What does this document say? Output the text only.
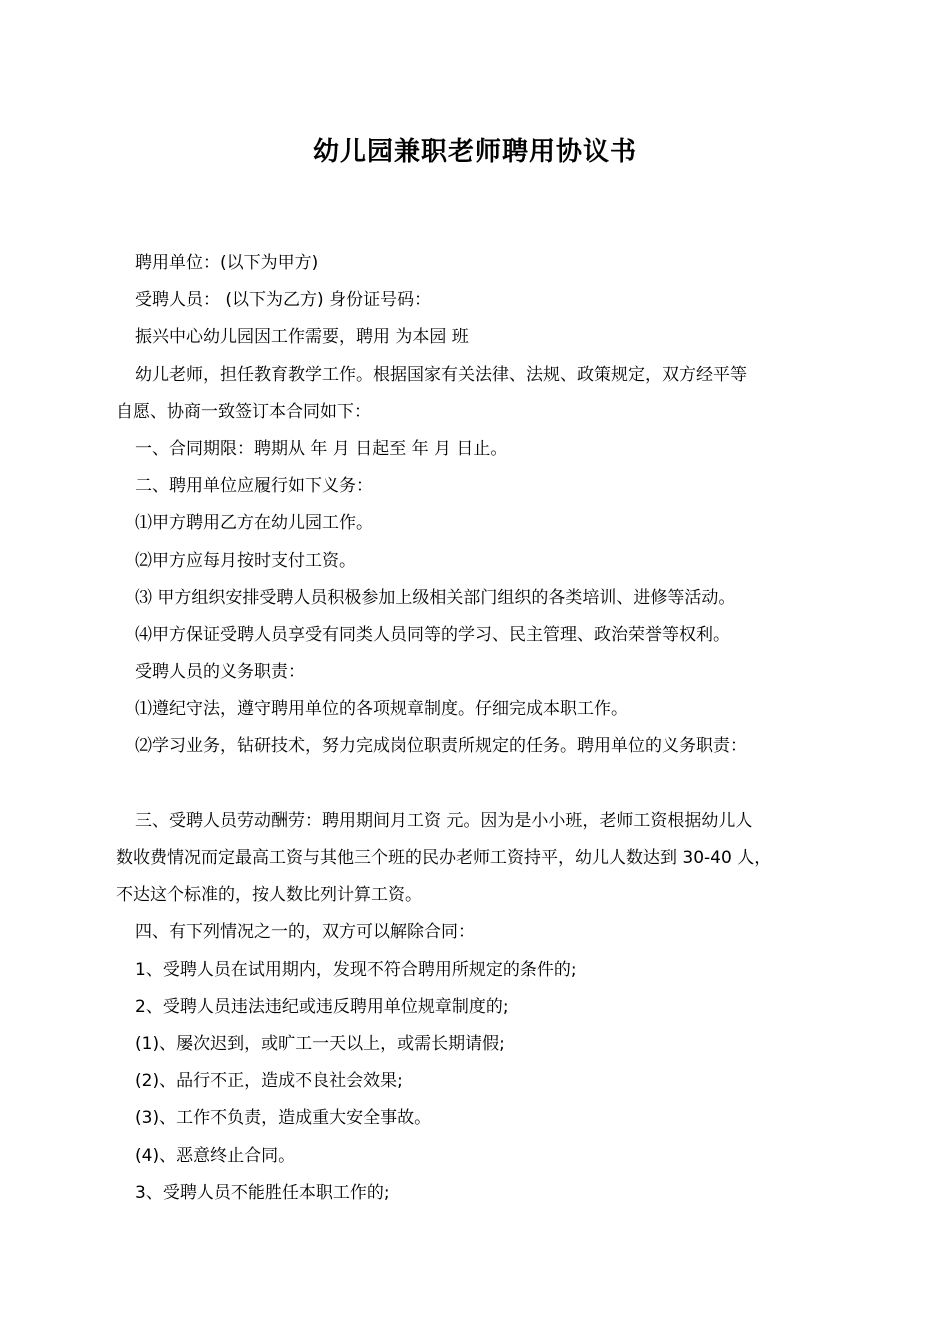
幼儿园兼职老师聘用协议书
聘用单位：(以下为甲方)
受聘人员： (以下为乙方) 身份证号码：
振兴中心幼儿园因工作需要，聘用 为本园 班
幼儿老师，担任教育教学工作。根据国家有关法律、法规、政策规定，双方经平等
自愿、协商一致签订本合同如下：
一、合同期限：聘期从 年 月 日起至 年 月 日止。
二、聘用单位应履行如下义务：
⑴甲方聘用乙方在幼儿园工作。
⑵甲方应每月按时支付工资。
⑶ 甲方组织安排受聘人员积极参加上级相关部门组织的各类培训、进修等活动。
⑷甲方保证受聘人员享受有同类人员同等的学习、民主管理、政治荣誉等权利。
受聘人员的义务职责：
⑴遵纪守法，遵守聘用单位的各项规章制度。仔细完成本职工作。
⑵学习业务，钻研技术，努力完成岗位职责所规定的任务。聘用单位的义务职责：
三、受聘人员劳动酬劳：聘用期间月工资 元。因为是小小班，老师工资根据幼儿人
数收费情况而定最高工资与其他三个班的民办老师工资持平，幼儿人数达到 30-40 人，
不达这个标准的，按人数比列计算工资。
四、有下列情况之一的，双方可以解除合同：
1、受聘人员在试用期内，发现不符合聘用所规定的条件的;
2、受聘人员违法违纪或违反聘用单位规章制度的;
(1)、屡次迟到，或旷工一天以上，或需长期请假;
(2)、品行不正，造成不良社会效果;
(3)、工作不负责，造成重大安全事故。
(4)、恶意终止合同。
3、受聘人员不能胜任本职工作的;
